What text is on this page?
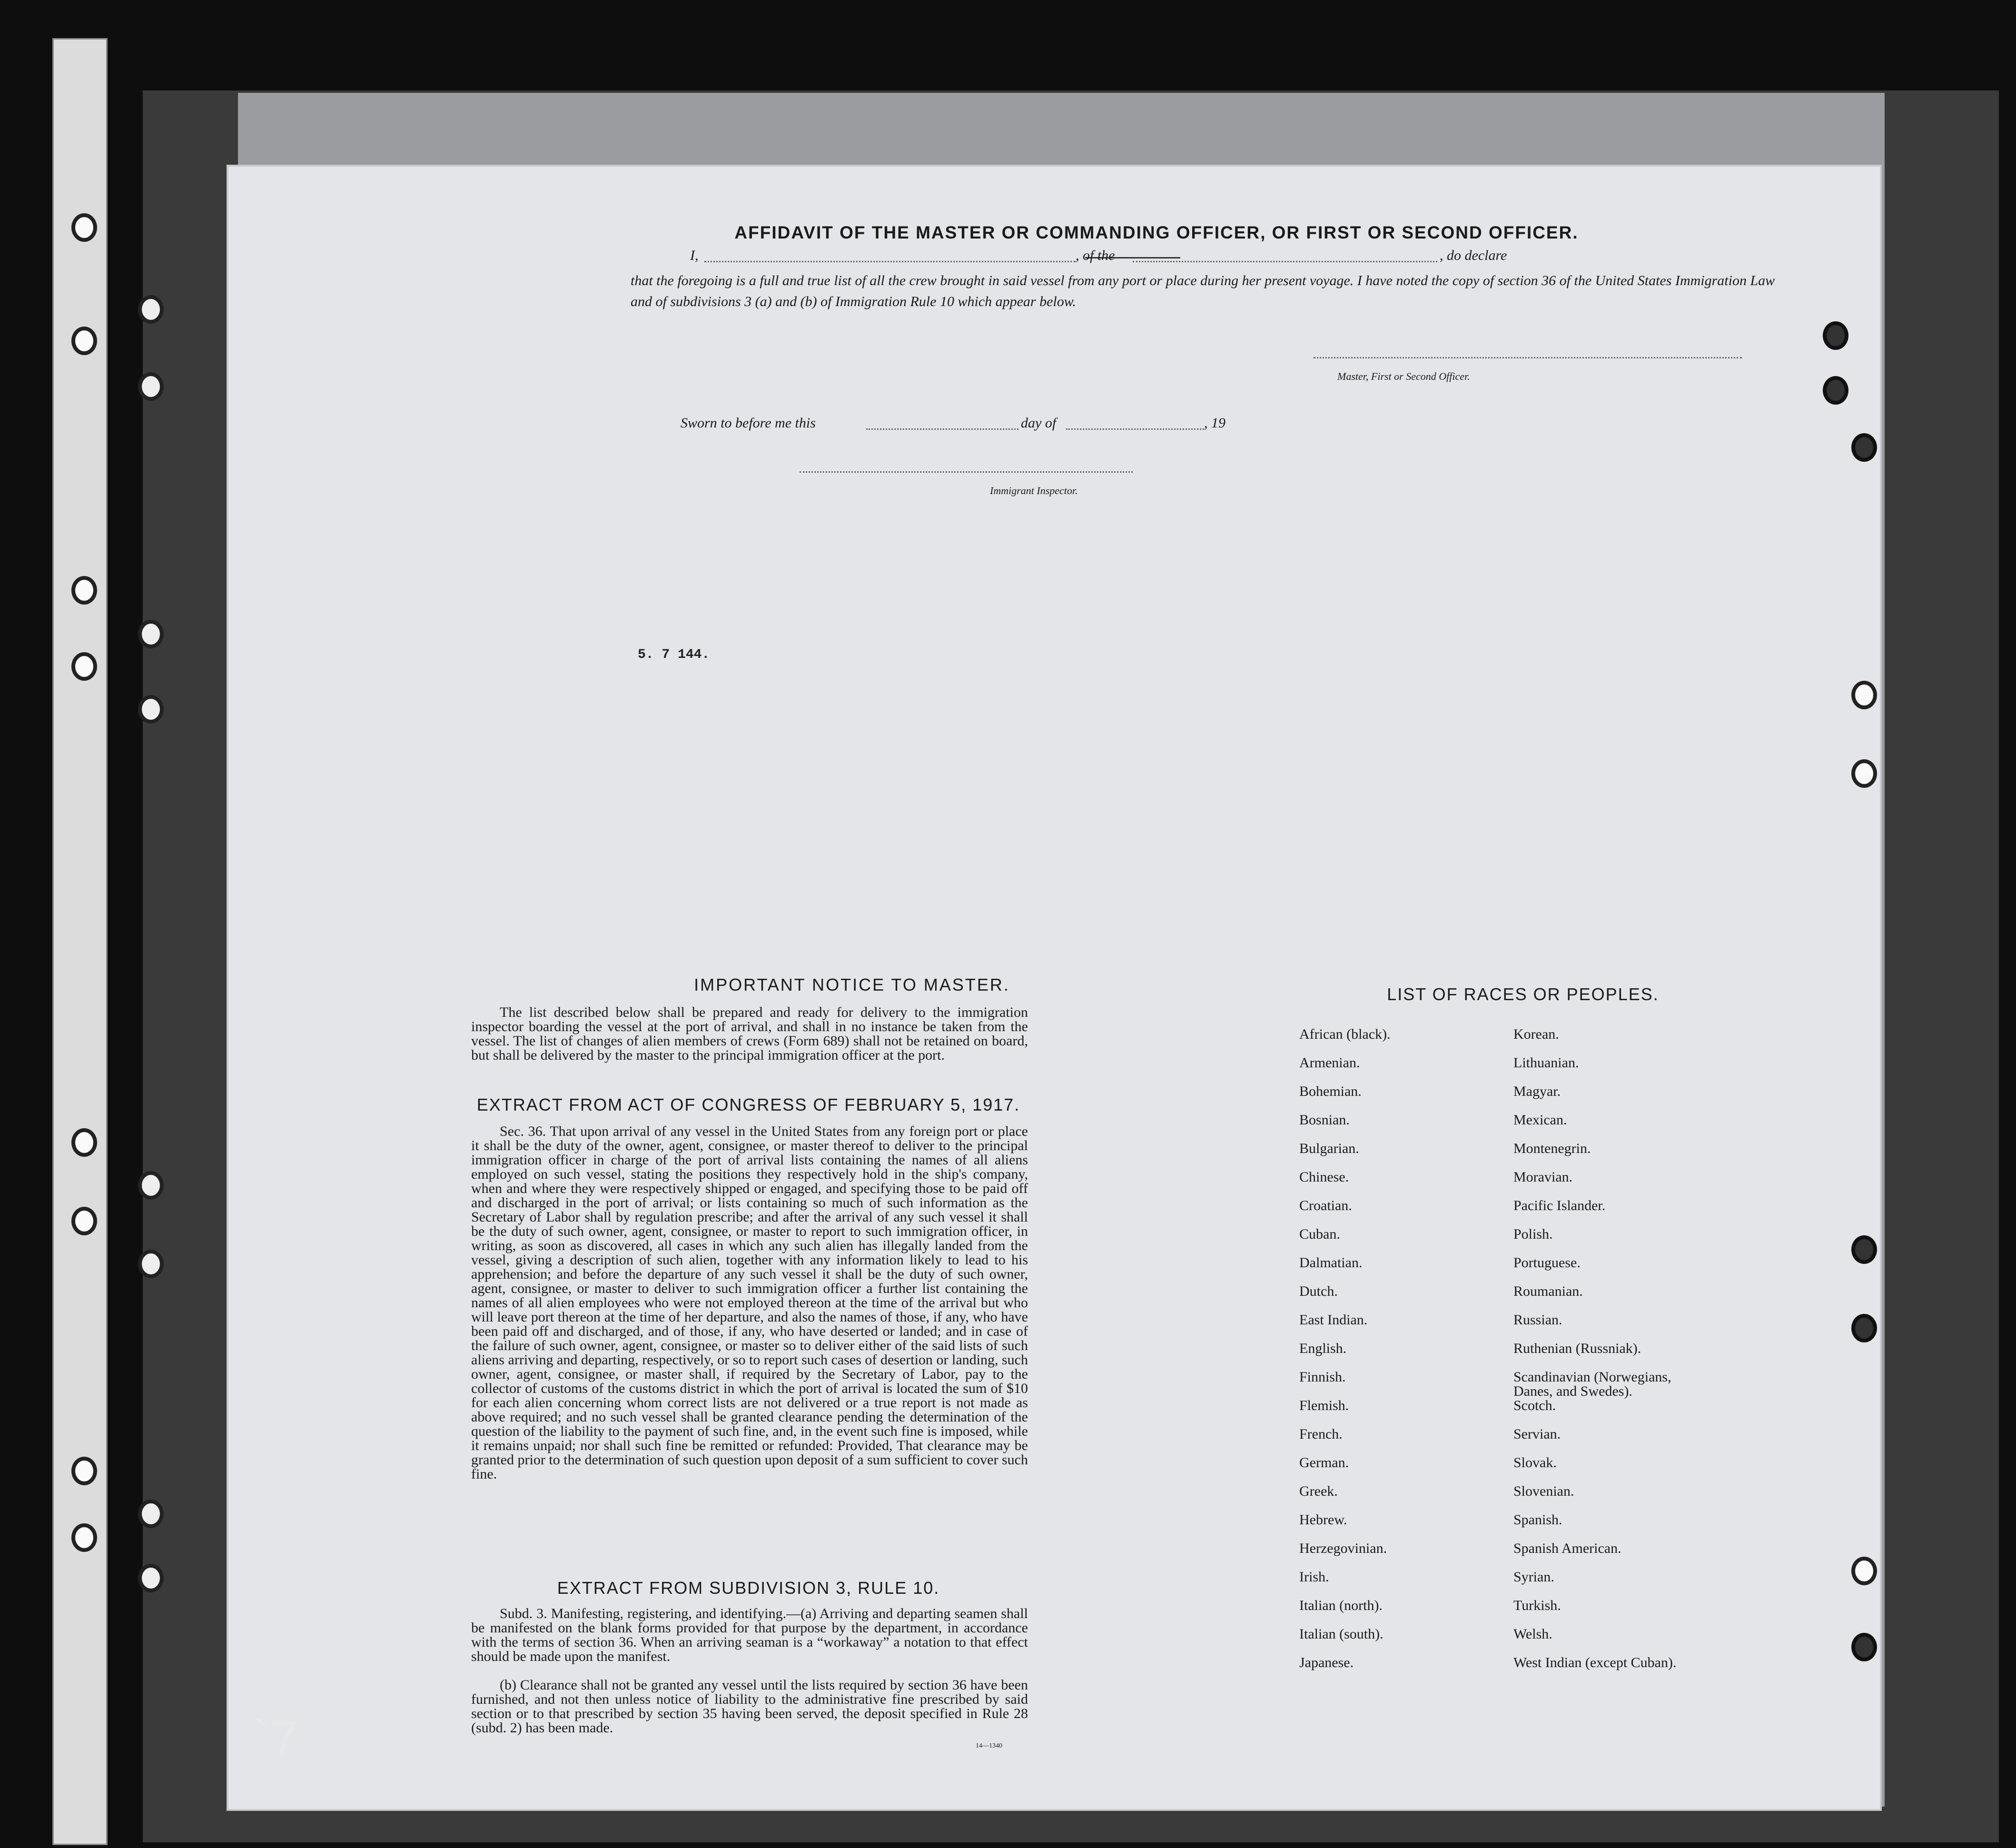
5. 7 144.
AFFIDAVIT OF THE MASTER OR COMMANDING OFFICER, OR FIRST OR SECOND OFFICER.
I,	, of the	, do declare
that the foregoing is a full and true list of all the crew brought in said vessel from any port or place during her present voyage. I have noted the copy of section 36 of the United States Immigration Law and of subdivisions 3 (a) and (b) of Immigration Rule 10 which appear below.
Master, First or Second Officer.
Sworn to before me this	day of	, 19
Immigrant Inspector.
IMPORTANT NOTICE TO MASTER.
The list described below shall be prepared and ready for delivery to the immigration inspector boarding the vessel at the port of arrival, and shall in no instance be taken from the vessel. The list of changes of alien members of crews (Form 689) shall not be retained on board, but shall be delivered by the master to the principal immigration officer at the port.
EXTRACT FROM ACT OF CONGRESS OF FEBRUARY 5, 1917.
Sec. 36. That upon arrival of any vessel in the United States from any foreign port or place it shall be the duty of the owner, agent, consignee, or master thereof to deliver to the principal immigration officer in charge of the port of arrival lists containing the names of all aliens employed on such vessel, stating the positions they respectively hold in the ship's company, when and where they were respectively shipped or engaged, and specifying those to be paid off and discharged in the port of arrival; or lists containing so much of such information as the Secretary of Labor shall by regulation prescribe; and after the arrival of any such vessel it shall be the duty of such owner, agent, consignee, or master to report to such immigration officer, in writing, as soon as discovered, all cases in which any such alien has illegally landed from the vessel, giving a description of such alien, together with any information likely to lead to his apprehension; and before the departure of any such vessel it shall be the duty of such owner, agent, consignee, or master to deliver to such immigration officer a further list containing the names of all alien employees who were not employed thereon at the time of the arrival but who will leave port thereon at the time of her departure, and also the names of those, if any, who have been paid off and discharged, and of those, if any, who have deserted or landed; and in case of the failure of such owner, agent, consignee, or master so to deliver either of the said lists of such aliens arriving and departing, respectively, or so to report such cases of desertion or landing, such owner, agent, consignee, or master shall, if required by the Secretary of Labor, pay to the collector of customs of the customs district in which the port of arrival is located the sum of $10 for each alien concerning whom correct lists are not delivered or a true report is not made as above required; and no such vessel shall be granted clearance pending the determination of the question of the liability to the payment of such fine, and, in the event such fine is imposed, while it remains unpaid; nor shall such fine be remitted or refunded: Provided, That clearance may be granted prior to the determination of such question upon deposit of a sum sufficient to cover such fine.
EXTRACT FROM SUBDIVISION 3, RULE 10.
Subd. 3. Manifesting, registering, and identifying.—(a) Arriving and departing seamen shall be manifested on the blank forms provided for that purpose by the department, in accordance with the terms of section 36. When an arriving seaman is a “workaway” a notation to that effect should be made upon the manifest.
(b) Clearance shall not be granted any vessel until the lists required by section 36 have been furnished, and not then unless notice of liability to the administrative fine prescribed by said section or to that prescribed by section 35 having been served, the deposit specified in Rule 28 (subd. 2) has been made.
14—1340
LIST OF RACES OR PEOPLES.
African (black).
Armenian.
Bohemian.
Bosnian.
Bulgarian.
Chinese.
Croatian.
Cuban.
Dalmatian.
Dutch.
East Indian.
English.
Finnish.
Flemish.
French.
German.
Greek.
Hebrew.
Herzegovinian.
Irish.
Italian (north).
Italian (south).
Japanese.
Korean.
Lithuanian.
Magyar.
Mexican.
Montenegrin.
Moravian.
Pacific Islander.
Polish.
Portuguese.
Roumanian.
Russian.
Ruthenian (Russniak).
Scandinavian (Norwegians, Danes, and Swedes).
Scotch.
Servian.
Slovak.
Slovenian.
Spanish.
Spanish American.
Syrian.
Turkish.
Welsh.
West Indian (except Cuban).
`7
